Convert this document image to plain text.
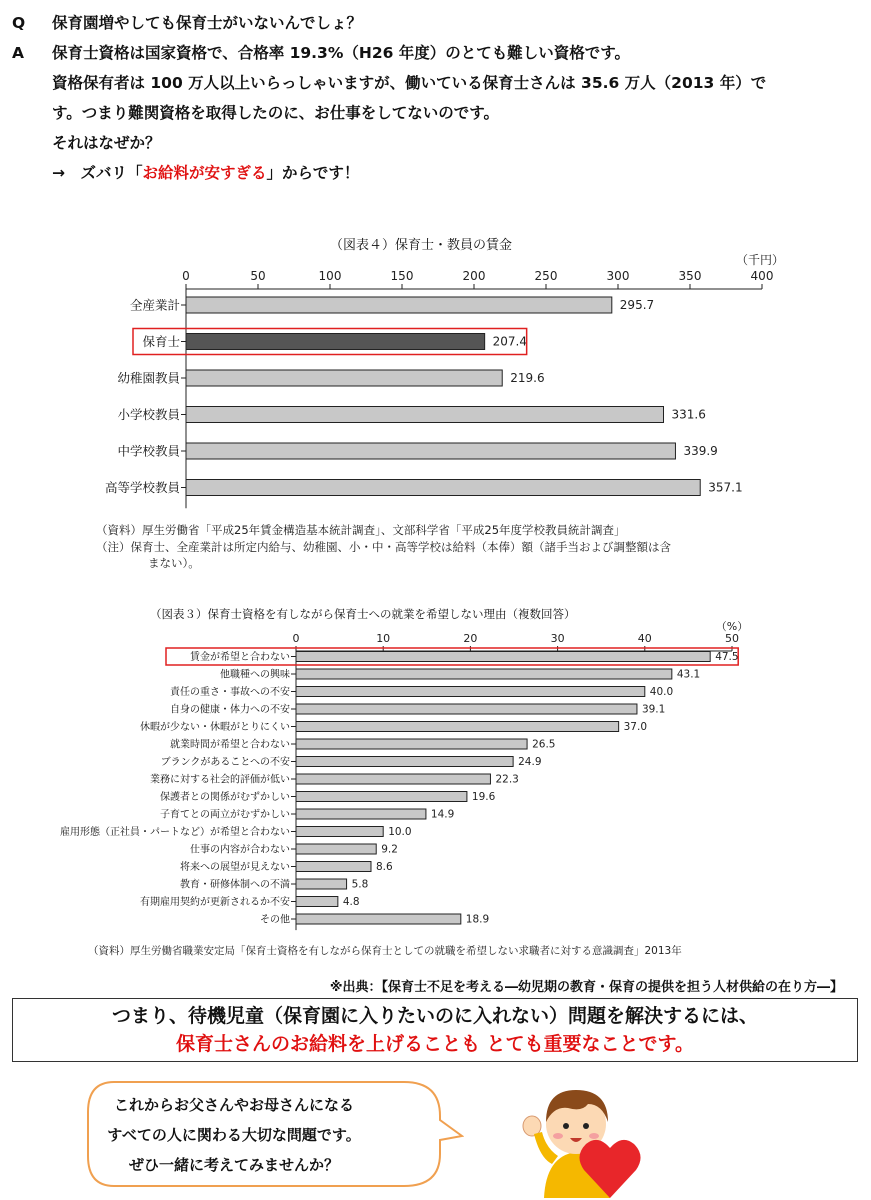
Q	保育園増やしても保育士がいないんでしょ？
A	保育士資格は国家資格で、合格率 19.3%（H26 年度）のとても難しい資格です。
資格保有者は 100 万人以上いらっしゃいますが、働いている保育士さんは 35.6 万人（2013 年）で
す。つまり難関資格を取得したのに、お仕事をしてないのです。
それはなぜか？
→　ズバリ「お給料が安すぎる」からです！
（図表４）保育士・教員の賃金
（千円）
0	50	100	150	200	250	300	350	400
全産業計	295.7
保育士	207.4
幼稚園教員	219.6
小学校教員	331.6
中学校教員	339.9
高等学校教員	357.1
（資料）厚生労働省「平成25年賃金構造基本統計調査」、文部科学省「平成25年度学校教員統計調査」
（注）保育士、全産業計は所定内給与、幼稚園、小・中・高等学校は給料（本俸）額（諸手当および調整額は含
まない）。
（図表３）保育士資格を有しながら保育士への就業を希望しない理由（複数回答）
（%）
0	10	20	30	40	50
賃金が希望と合わない	47.5
他職種への興味	43.1
責任の重さ・事故への不安	40.0
自身の健康・体力への不安	39.1
休暇が少ない・休暇がとりにくい	37.0
就業時間が希望と合わない	26.5
ブランクがあることへの不安	24.9
業務に対する社会的評価が低い	22.3
保護者との関係がむずかしい	19.6
子育てとの両立がむずかしい	14.9
雇用形態（正社員・パートなど）が希望と合わない	10.0
仕事の内容が合わない	9.2
将来への展望が見えない	8.6
教育・研修体制への不満	5.8
有期雇用契約が更新されるか不安	4.8
その他	18.9
（資料）厚生労働省職業安定局「保育士資格を有しながら保育士としての就職を希望しない求職者に対する意識調査」2013年
※出典：【保育士不足を考える―幼児期の教育・保育の提供を担う人材供給の在り方―】
つまり、待機児童（保育園に入りたいのに入れない）問題を解決するには、
保育士さんのお給料を上げることも とても重要なことです。
これからお父さんやお母さんになる
すべての人に関わる大切な問題です。
ぜひ一緒に考えてみませんか？
